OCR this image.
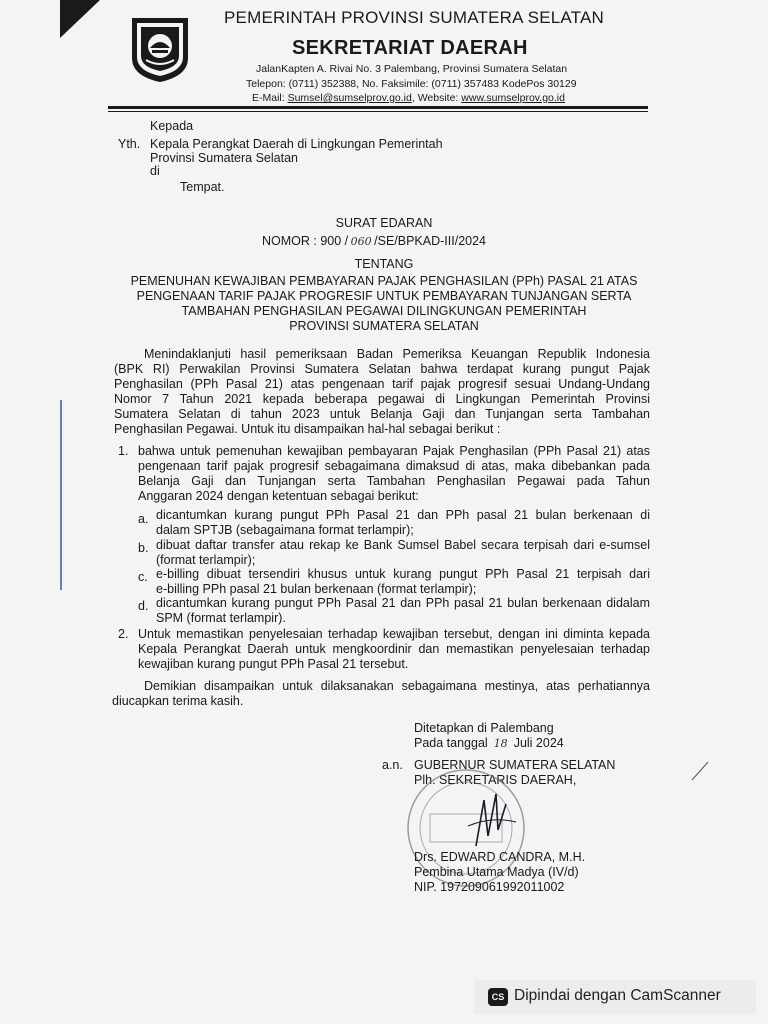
PEMERINTAH PROVINSI SUMATERA SELATAN
SEKRETARIAT DAERAH
JalanKapten A. Rivai No. 3 Palembang, Provinsi Sumatera Selatan
Telepon: (0711) 352388, No. Faksimile: (0711) 357483 KodePos 30129
E-Mail: Sumsel@sumselprov.go.id, Website: www.sumselprov.go.id
Kepada
Yth. Kepala Perangkat Daerah di Lingkungan Pemerintah
Provinsi Sumatera Selatan
di
Tempat.
SURAT EDARAN
NOMOR : 900 / 060 /SE/BPKAD-III/2024
TENTANG
PEMENUHAN KEWAJIBAN PEMBAYARAN PAJAK PENGHASILAN (PPh) PASAL 21 ATAS
PENGENAAN TARIF PAJAK PROGRESIF UNTUK PEMBAYARAN TUNJANGAN SERTA
TAMBAHAN PENGHASILAN PEGAWAI DILINGKUNGAN PEMERINTAH
PROVINSI SUMATERA SELATAN
Menindaklanjuti hasil pemeriksaan Badan Pemeriksa Keuangan Republik Indonesia
(BPK RI) Perwakilan Provinsi Sumatera Selatan bahwa terdapat kurang pungut Pajak
Penghasilan (PPh Pasal 21) atas pengenaan tarif pajak progresif sesuai Undang-Undang
Nomor 7 Tahun 2021 kepada beberapa pegawai di Lingkungan Pemerintah Provinsi
Sumatera Selatan di tahun 2023 untuk Belanja Gaji dan Tunjangan serta Tambahan
Penghasilan Pegawai. Untuk itu disampaikan hal-hal sebagai berikut :
1. bahwa untuk pemenuhan kewajiban pembayaran Pajak Penghasilan (PPh Pasal 21) atas
pengenaan tarif pajak progresif sebagaimana dimaksud di atas, maka dibebankan pada
Belanja Gaji dan Tunjangan serta Tambahan Penghasilan Pegawai pada Tahun
Anggaran 2024 dengan ketentuan sebagai berikut:
a. dicantumkan kurang pungut PPh Pasal 21 dan PPh pasal 21 bulan berkenaan di
dalam SPTJB (sebagaimana format terlampir);
b. dibuat daftar transfer atau rekap ke Bank Sumsel Babel secara terpisah dari e-sumsel
(format terlampir);
c. e-billing dibuat tersendiri khusus untuk kurang pungut PPh Pasal 21 terpisah dari
e-billing PPh pasal 21 bulan berkenaan (format terlampir);
d. dicantumkan kurang pungut PPh Pasal 21 dan PPh pasal 21 bulan berkenaan didalam
SPM (format terlampir).
2. Untuk memastikan penyelesaian terhadap kewajiban tersebut, dengan ini diminta kepada
Kepala Perangkat Daerah untuk mengkoordinir dan memastikan penyelesaian terhadap
kewajiban kurang pungut PPh Pasal 21 tersebut.
Demikian disampaikan untuk dilaksanakan sebagaimana mestinya, atas perhatiannya
diucapkan terima kasih.
Ditetapkan di Palembang
Pada tanggal 18 Juli 2024
a.n. GUBERNUR SUMATERA SELATAN
Plh. SEKRETARIS DAERAH,
Drs. EDWARD CANDRA, M.H.
Pembina Utama Madya (IV/d)
NIP. 197209061992011002
CS Dipindai dengan CamScanner
